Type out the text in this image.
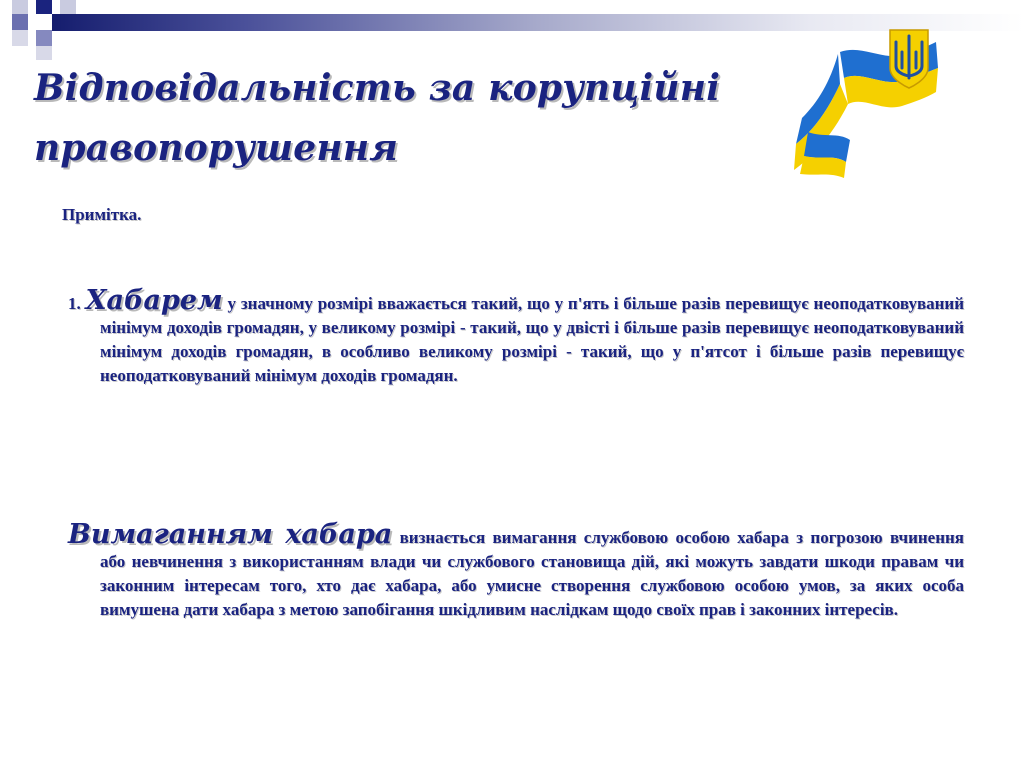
Відповідальність за корупційні правопорушення
Примітка.

1. Хабарем у значному розмірі вважається такий, що у п'ять і більше разів перевищує неоподатковуваний мінімум доходів громадян, у великому розмірі - такий, що у двісті і більше разів перевищує неоподатковуваний мінімум доходів громадян, в особливо великому розмірі - такий, що у п'ятсот і більше разів перевищує неоподатковуваний мінімум доходів громадян.

Вимаганням хабара визнається вимагання службовою особою хабара з погрозою вчинення або невчинення з використанням влади чи службового становища дій, які можуть завдати шкоди правам чи законним інтересам того, хто дає хабара, або умисне створення службовою особою умов, за яких особа вимушена дати хабара з метою запобігання шкідливим наслідкам щодо своїх прав і законних інтересів.
